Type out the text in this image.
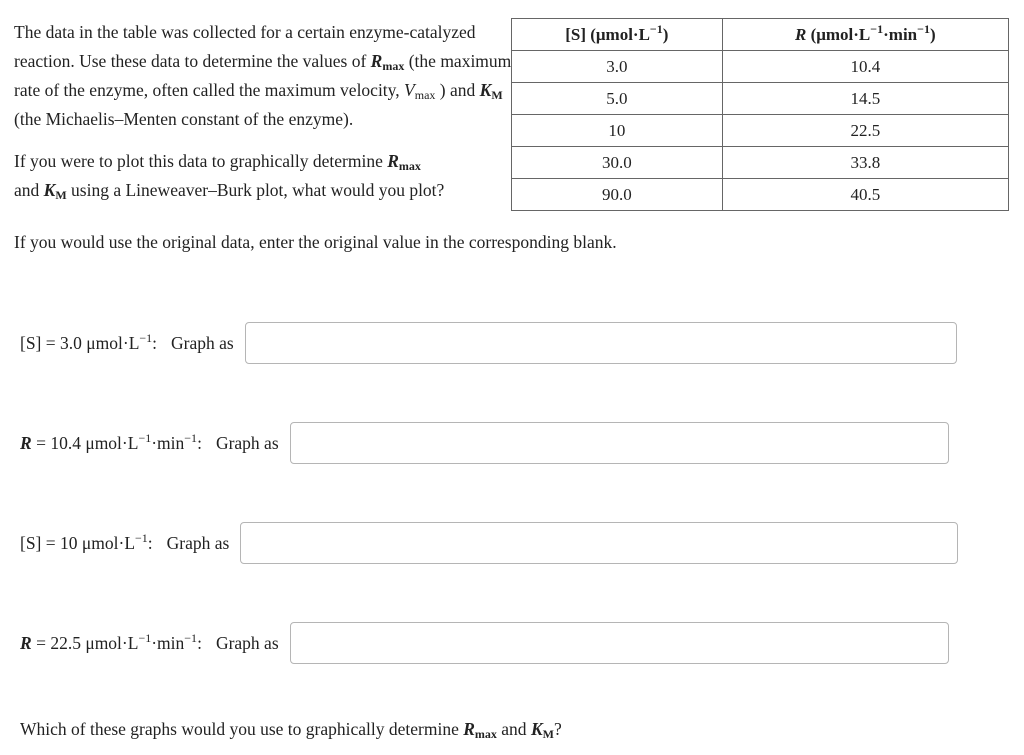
The data in the table was collected for a certain enzyme-catalyzed reaction. Use these data to determine the values of $R_{max}$ (the maximum rate of the enzyme, often called the maximum velocity, $V_{max}$ ) and $K_M$ (the Michaelis–Menten constant of the enzyme).

If you were to plot this data to graphically determine $R_{max}$
and $K_M$ using a Lineweaver–Burk plot, what would you plot?

If you would use the original data, enter the original value in the corresponding blank.
[S] $(\mu mol\cdot L^{-1})$	R $(\mu mol\cdot L^{-1}\cdot\min^{-1})$
3.0	10.4
5.0	14.5
10	22.5
30.0	33.8
90.0	40.5
[S] = 3.0 $\mu mol\cdot L^{-1}$: Graph as
R = 10.4 $\mu mol\cdot L^{-1}\cdot\min^{-1}$: Graph as
[S] = 10 $\mu mol\cdot L^{-1}$: Graph as
R = 22.5 $\mu mol\cdot L^{-1}\cdot\min^{-1}$: Graph as
Which of these graphs would you use to graphically determine $R_{max}$ and $K_M$?
